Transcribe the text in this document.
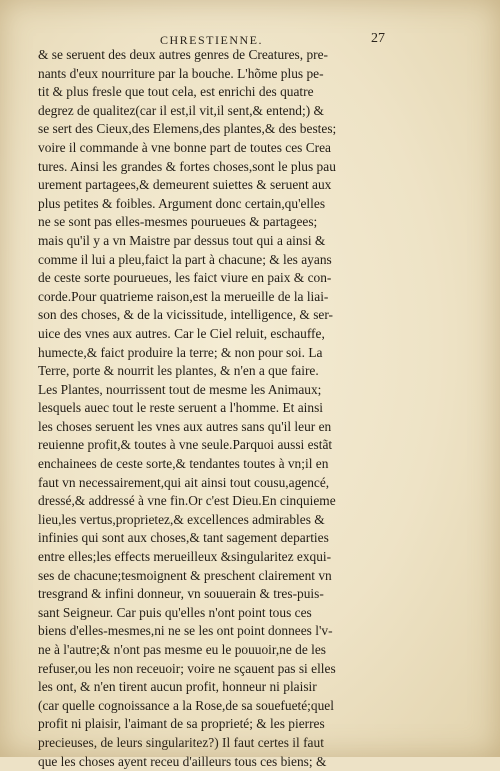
CHRESTIENNE.	27
& se seruent des deux autres genres de Creatures, pre-
nants d'eux nourriture par la bouche. L'hõme plus pe-
tit & plus fresle que tout cela, est enrichi des quatre
degrez de qualitez(car il est,il vit,il sent,& entend;) &
se sert des Cieux,des Elemens,des plantes,& des bestes;
voire il commande à vne bonne part de toutes ces Crea
tures. Ainsi les grandes & fortes choses,sont le plus pau
urement partagees,& demeurent suiettes & seruent aux
plus petites & foibles. Argument donc certain,qu'elles
ne se sont pas elles-mesmes pourueues & partagees;
mais qu'il y a vn Maistre par dessus tout qui a ainsi &
comme il lui a pleu,faict la part à chacune; & les ayans
de ceste sorte pourueues, les faict viure en paix & con-
corde.Pour quatrieme raison,est la merueille de la liai-
son des choses, & de la vicissitude, intelligence, & ser-
uice des vnes aux autres. Car le Ciel reluit, eschauffe,
humecte,& faict produire la terre; & non pour soi. La
Terre, porte & nourrit les plantes, & n'en a que faire.
Les Plantes, nourrissent tout de mesme les Animaux;
lesquels auec tout le reste seruent a l'homme. Et ainsi
les choses seruent les vnes aux autres sans qu'il leur en
reuienne profit,& toutes à vne seule.Parquoi aussi estãt
enchainees de ceste sorte,& tendantes toutes à vn;il en
faut vn necessairement,qui ait ainsi tout cousu,agencé,
dressé,& addressé à vne fin.Or c'est Dieu.En cinquieme
lieu,les vertus,proprietez,& excellences admirables &
infinies qui sont aux choses,& tant sagement departies
entre elles;les effects merueilleux &singularitez exqui-
ses de chacune;tesmoignent & preschent clairement vn
tresgrand & infini donneur, vn souuerain & tres-puis-
sant Seigneur. Car puis qu'elles n'ont point tous ces
biens d'elles-mesmes,ni ne se les ont point donnees l'v-
ne à l'autre;& n'ont pas mesme eu le pouuoir,ne de les
refuser,ou les non receuoir; voire ne sçauent pas si elles
les ont, & n'en tirent aucun profit, honneur ni plaisir
(car quelle cognoissance a la Rose,de sa souefueté;quel
profit ni plaisir, l'aimant de sa proprieté; & les pierres
precieuses, de leurs singularitez?) Il faut certes il faut
que les choses ayent receu d'ailleurs tous ces biens; &
